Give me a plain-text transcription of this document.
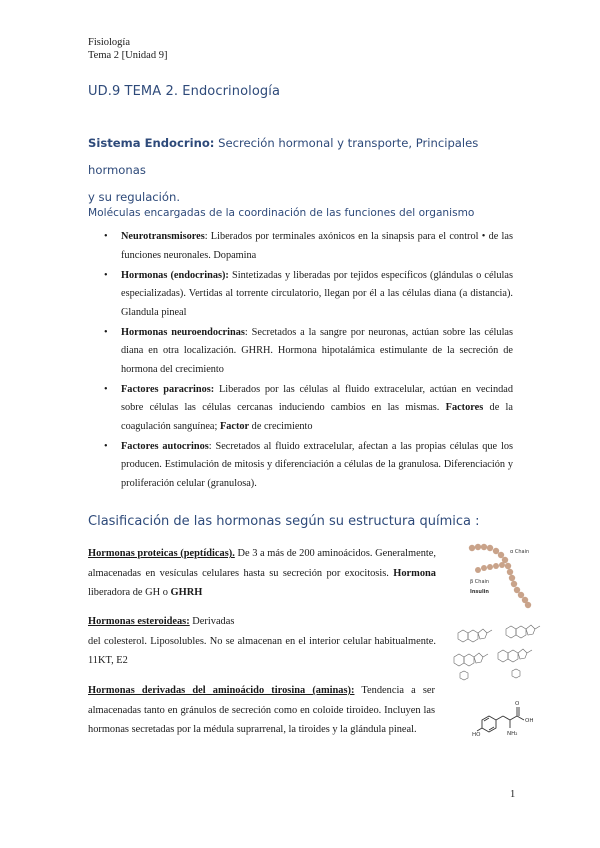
Fisiología
Tema 2 [Unidad 9]
UD.9 TEMA 2. Endocrinología
Sistema Endocrino: Secreción hormonal y transporte, Principales hormonas
y su regulación.
Moléculas encargadas de la coordinación de las funciones del organismo
• Neurotransmisores: Liberados por terminales axónicos en la sinapsis para el control • de las funciones neuronales. Dopamina
• Hormonas (endocrinas): Sintetizadas y liberadas por tejidos específicos (glándulas o células especializadas). Vertidas al torrente circulatorio, llegan por él a las células diana (a distancia). Glandula pineal
• Hormonas neuroendocrinas: Secretados a la sangre por neuronas, actúan sobre las células diana en otra localización. GHRH. Hormona hipotalámica estimulante de la secreción de hormona del crecimiento
• Factores paracrinos: Liberados por las células al fluido extracelular, actúan en vecindad sobre células las células cercanas induciendo cambios en las mismas. Factores de la coagulación sanguínea; Factor de crecimiento
• Factores autocrinos: Secretados al fluido extracelular, afectan a las propias células que los producen. Estimulación de mitosis y diferenciación a células de la granulosa. Diferenciación y proliferación celular (granulosa).
Clasificación de las hormonas según su estructura química :
Hormonas proteicas (peptídicas). De 3 a más de 200 aminoácidos. Generalmente, almacenadas en vesículas celulares hasta su secreción por exocitosis. Hormona liberadora de GH o GHRH
Hormonas esteroideas: Derivadas
del colesterol. Liposolubles. No se almacenan en el interior celular habitualmente. 11KT, E2
Hormonas derivadas del aminoácido tirosina (aminas): Tendencia a ser almacenadas tanto en gránulos de secreción como en coloide tiroideo. Incluyen las hormonas secretadas por la médula suprarrenal, la tiroides y la glándula pineal.
α Chain
β Chain
Insulin
O
OH
NH₂
HO
1
